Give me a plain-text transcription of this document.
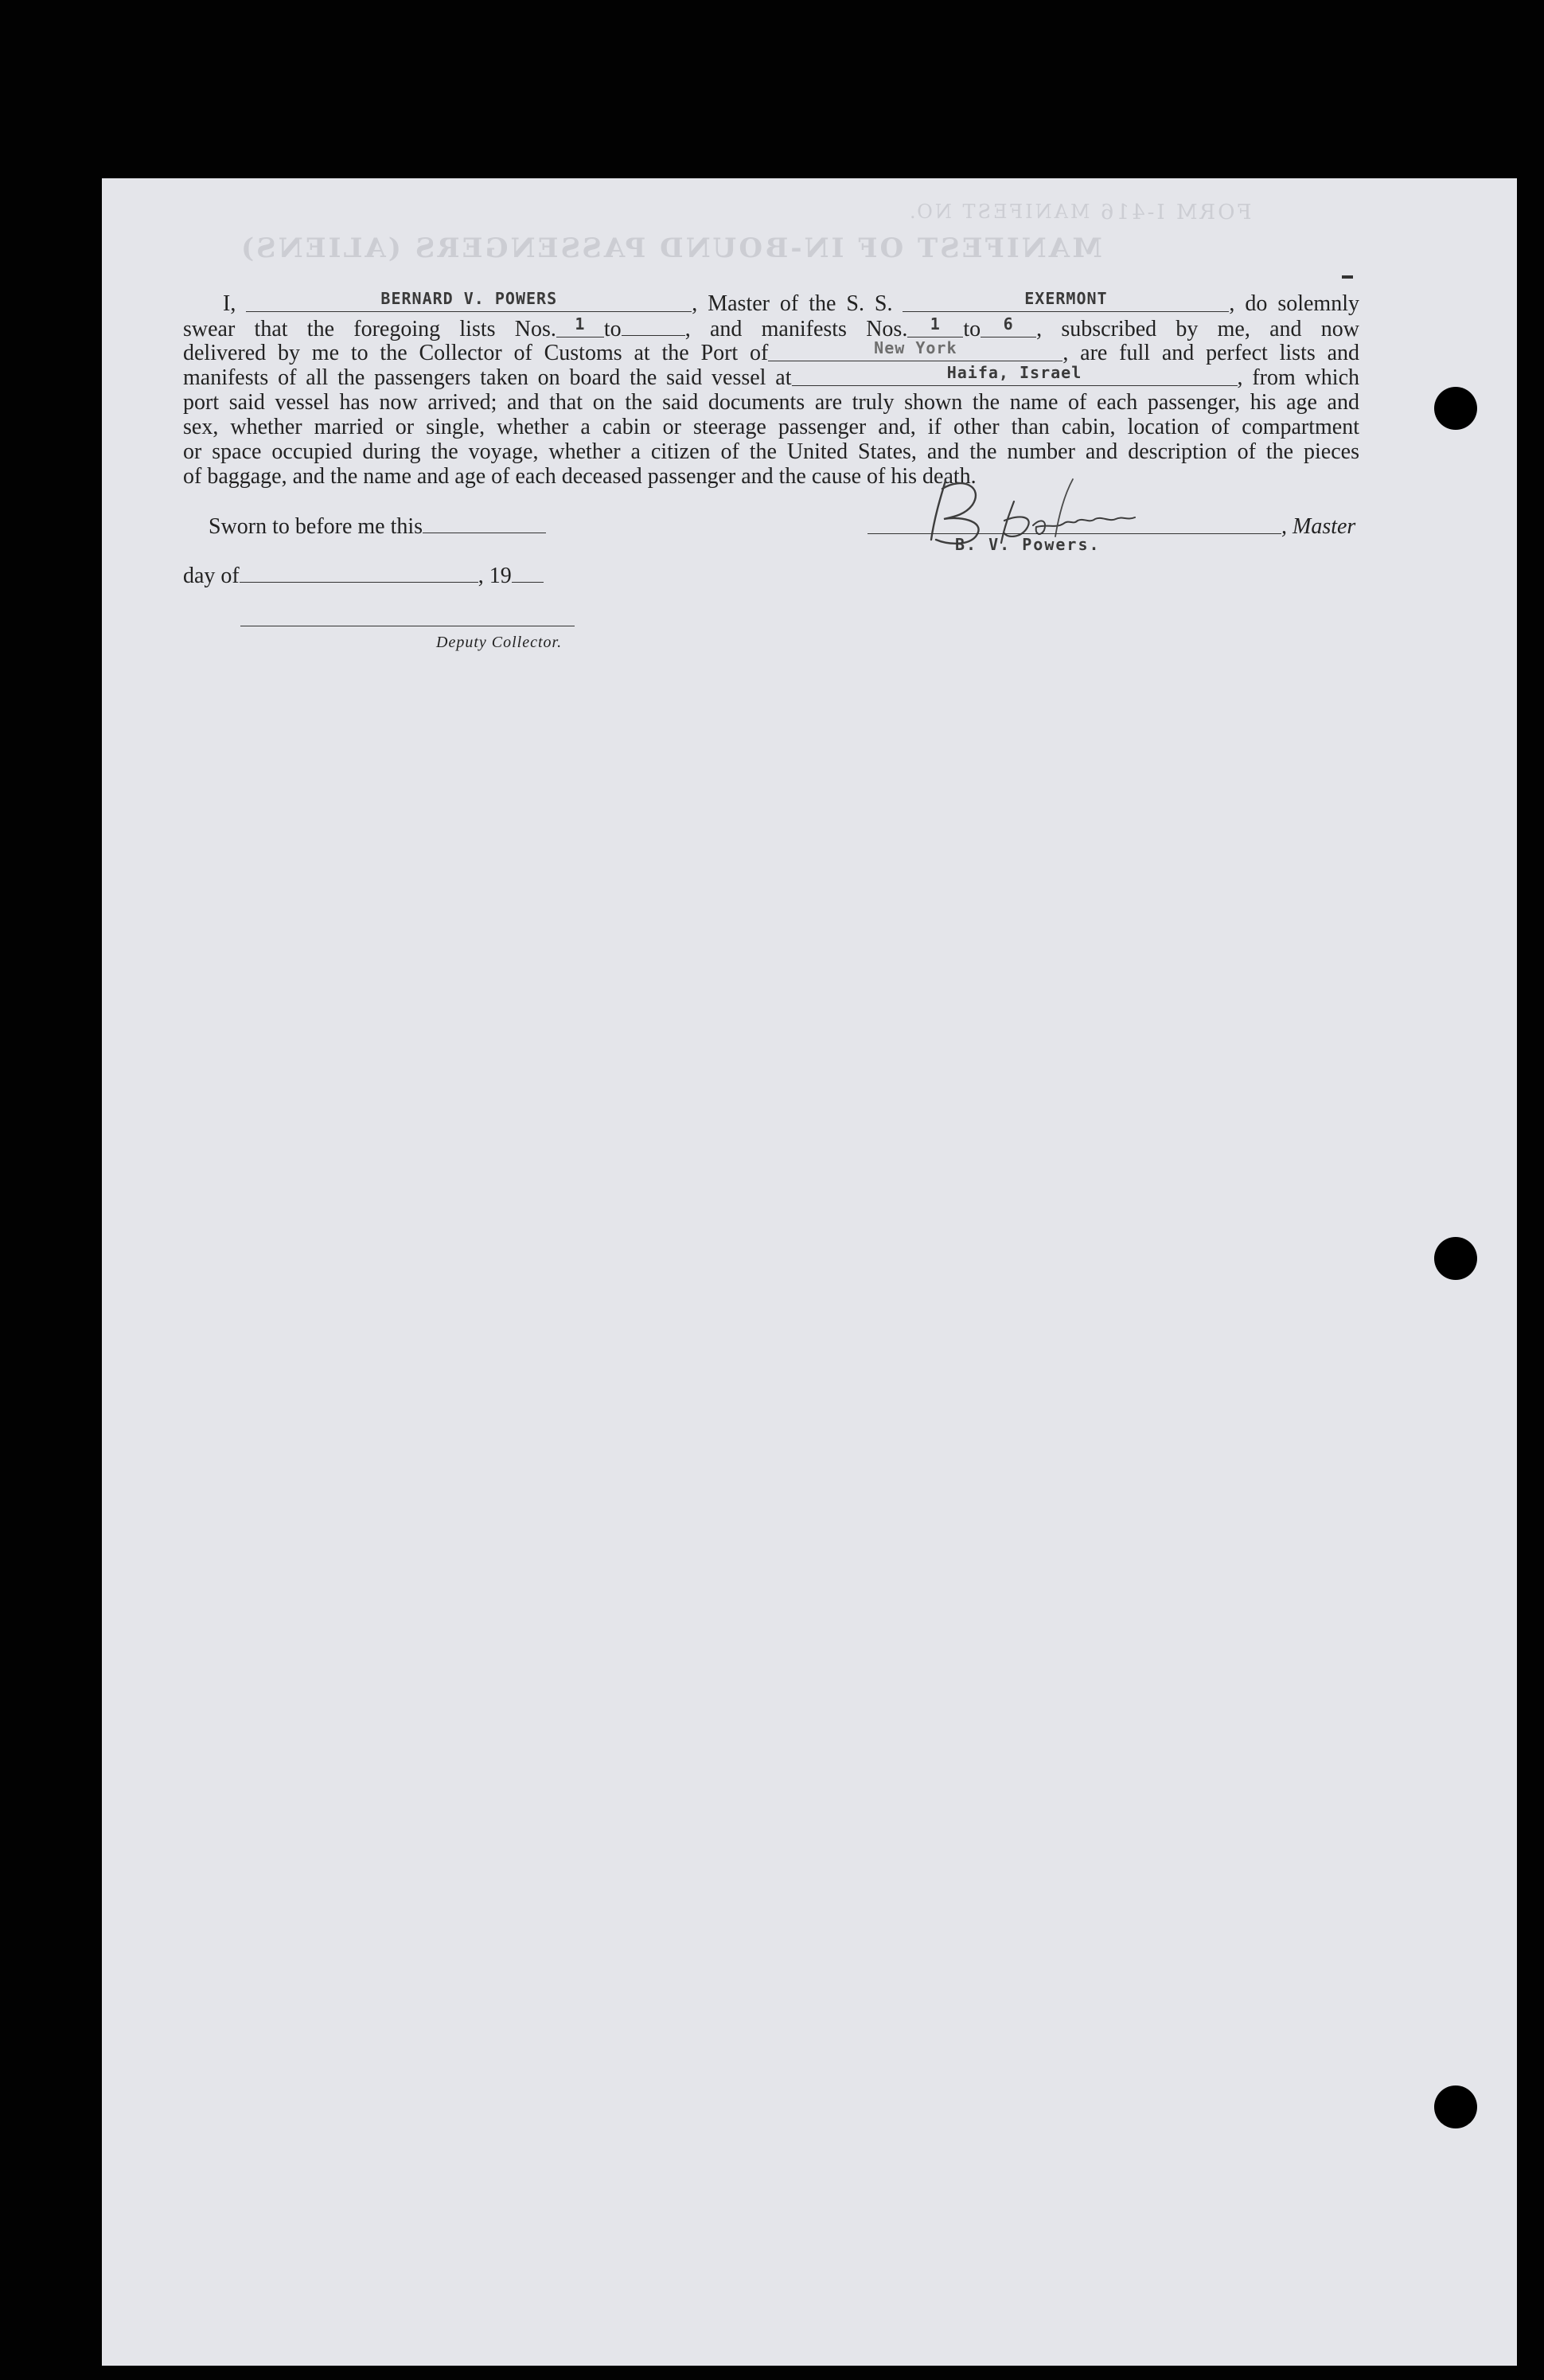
FORM I-416
MANIFEST OF IN-BOUND PASSENGERS (ALIENS)
MANIFEST NO.
I,	$^{BERNARD V. POWERS}$	, Master of the S. S.	$^{EXERMONT}$	, do solemnly
swear that the foregoing lists Nos. $^1$ to	, and manifests Nos. $^1$ to $^6$ , subscribed by me, and now
delivered by me to the Collector of Customs at the Port of	$^{New York}$	, are full and perfect lists and
manifests of all the passengers taken on board the said vessel at	$^{Haifa, Israel}$	, from which
port said vessel has now arrived; and that on the said documents are truly shown the name of each passenger, his age and
sex, whether married or single, whether a cabin or steerage passenger and, if other than cabin, location of compartment
or space occupied during the voyage, whether a citizen of the United States, and the number and description of the pieces
of baggage, and the name and age of each deceased passenger and the cause of his death.
Sworn to before me this
day of	, 19
Deputy Collector.
, Master
B. V. Powers.
